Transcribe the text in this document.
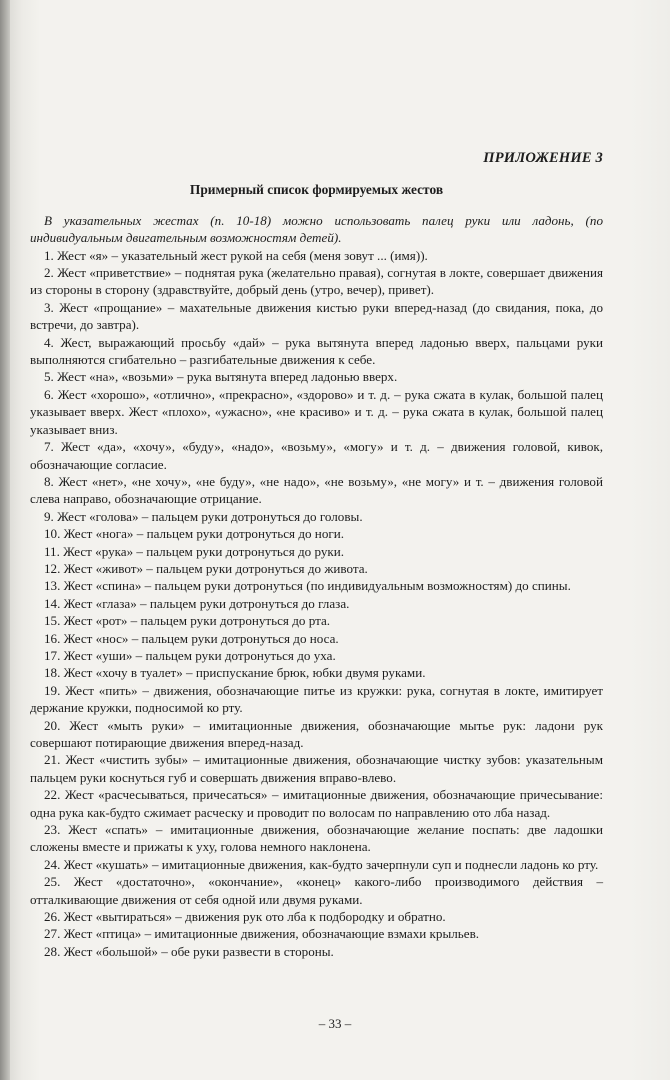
ПРИЛОЖЕНИЕ 3

Примерный список формируемых жестов

В указательных жестах (п. 10-18) можно использовать палец руки или ладонь, (по индивидуальным двигательным возможностям детей).

1. Жест «я» – указательный жест рукой на себя (меня зовут ... (имя)).

2. Жест «приветствие» – поднятая рука (желательно правая), согнутая в локте, совершает движения из стороны в сторону (здравствуйте, добрый день (утро, вечер), привет).

3. Жест «прощание» – махательные движения кистью руки вперед-назад (до свидания, пока, до встречи, до завтра).

4. Жест, выражающий просьбу «дай» – рука вытянута вперед ладонью вверх, пальцами руки выполняются сгибательно – разгибательные движения к себе.

5. Жест «на», «возьми» – рука вытянута вперед ладонью вверх.

6. Жест «хорошо», «отлично», «прекрасно», «здорово» и т. д. – рука сжата в кулак, большой палец указывает вверх. Жест «плохо», «ужасно», «не красиво» и т. д. – рука сжата в кулак, большой палец указывает вниз.

7. Жест «да», «хочу», «буду», «надо», «возьму», «могу» и т. д. – движения головой, кивок, обозначающие согласие.

8. Жест «нет», «не хочу», «не буду», «не надо», «не возьму», «не могу» и т. – движения головой слева направо, обозначающие отрицание.

9. Жест «голова» – пальцем руки дотронуться до головы.

10. Жест «нога» – пальцем руки дотронуться до ноги.

11. Жест «рука» – пальцем руки дотронуться до руки.

12. Жест «живот» – пальцем руки дотронуться до живота.

13. Жест «спина» – пальцем руки дотронуться (по индивидуальным возможностям) до спины.

14. Жест «глаза» – пальцем руки дотронуться до глаза.

15. Жест «рот» – пальцем руки дотронуться до рта.

16. Жест «нос» – пальцем руки дотронуться до носа.

17. Жест «уши» – пальцем руки дотронуться до уха.

18. Жест «хочу в туалет» – приспускание брюк, юбки двумя руками.

19. Жест «пить» – движения, обозначающие питье из кружки: рука, согнутая в локте, имитирует держание кружки, подносимой ко рту.

20. Жест «мыть руки» – имитационные движения, обозначающие мытье рук: ладони рук совершают потирающие движения вперед-назад.

21. Жест «чистить зубы» – имитационные движения, обозначающие чистку зубов: указательным пальцем руки коснуться губ и совершать движения вправо-влево.

22. Жест «расчесываться, причесаться» – имитационные движения, обозначающие причесывание: одна рука как-будто сжимает расческу и проводит по волосам по направлению ото лба назад.

23. Жест «спать» – имитационные движения, обозначающие желание поспать: две ладошки сложены вместе и прижаты к уху, голова немного наклонена.

24. Жест «кушать» – имитационные движения, как-будто зачерпнули суп и поднесли ладонь ко рту.

25. Жест «достаточно», «окончание», «конец» какого-либо производимого действия – отталкивающие движения от себя одной или двумя руками.

26. Жест «вытираться» – движения рук ото лба к подбородку и обратно.

27. Жест «птица» – имитационные движения, обозначающие взмахи крыльев.

28. Жест «большой» – обе руки развести в стороны.

– 33 –
